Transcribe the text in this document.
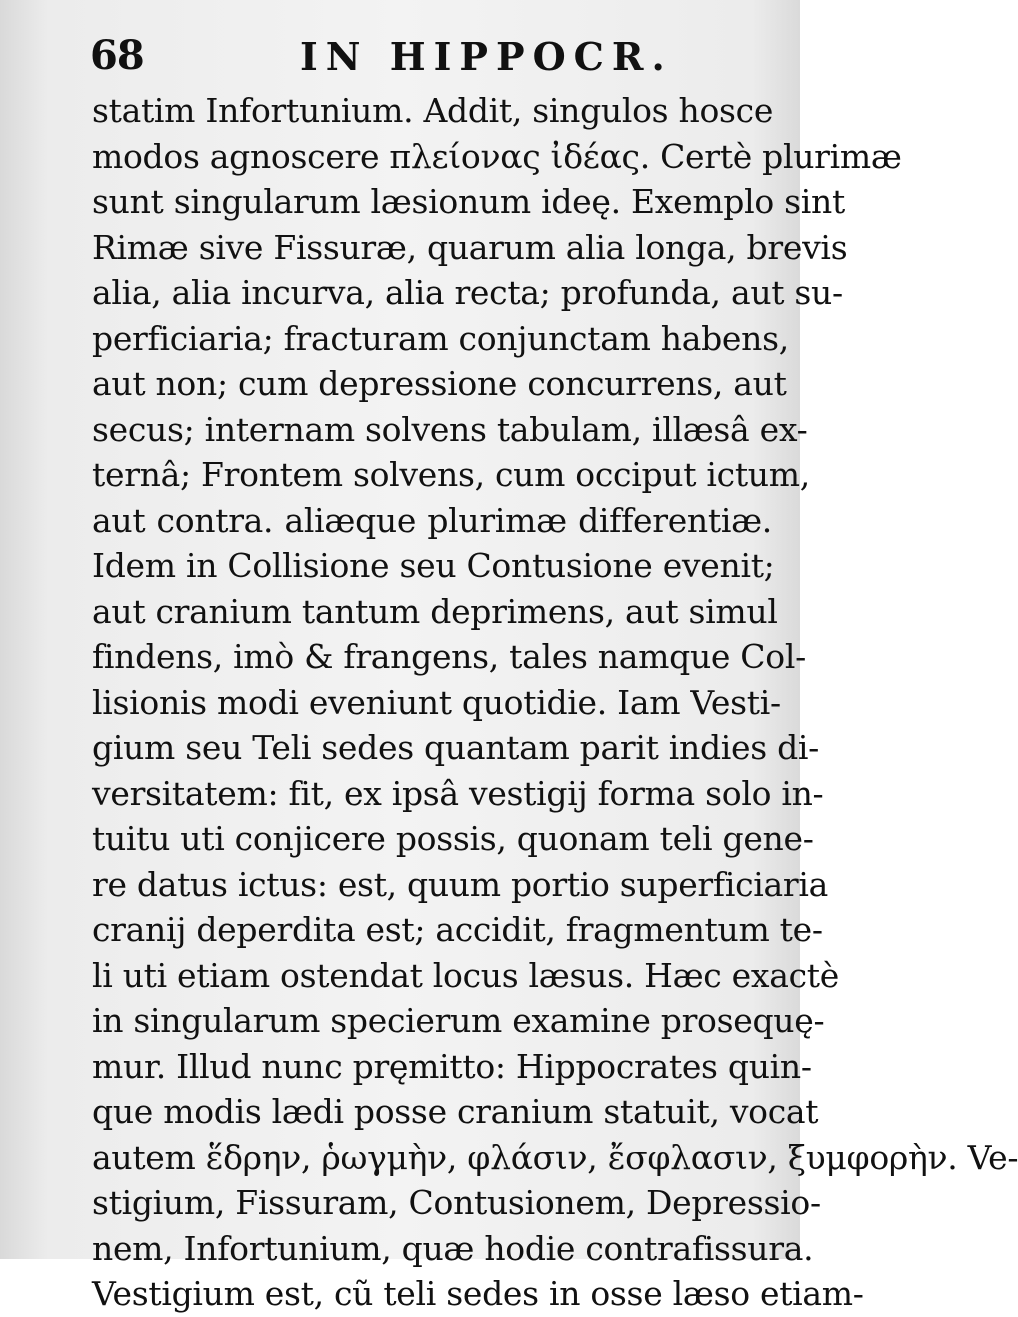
68	IN HIPPOCR.
statim Infortunium. Addit, singulos hosce
modos agnoscere πλείονας ἰδέας. Certè plurimæ
sunt singularum læsionum ideę. Exemplo sint
Rimæ sive Fissuræ, quarum alia longa, brevis
alia, alia incurva, alia recta; profunda, aut su-
perficiaria; fracturam conjunctam habens,
aut non; cum depressione concurrens, aut
secus; internam solvens tabulam, illæsâ ex-
ternâ; Frontem solvens, cum occiput ictum,
aut contra. aliæque plurimæ differentiæ.
Idem in Collisione seu Contusione evenit;
aut cranium tantum deprimens, aut simul
findens, imò & frangens, tales namque Col-
lisionis modi eveniunt quotidie. Iam Vesti-
gium seu Teli sedes quantam parit indies di-
versitatem: fit, ex ipsâ vestigij forma solo in-
tuitu uti conjicere possis, quonam teli gene-
re datus ictus: est, quum portio superficiaria
cranij deperdita est; accidit, fragmentum te-
li uti etiam ostendat locus læsus. Hæc exactè
in singularum specierum examine prosequę-
mur. Illud nunc pręmitto: Hippocrates quin-
que modis lædi posse cranium statuit, vocat
autem ἕδρην, ῥωγμὴν, φλάσιν, ἔσφλασιν, ξυμφορὴν. Ve-
stigium, Fissuram, Contusionem, Depressio-
nem, Infortunium, quæ hodie contrafissura.
Vestigium est, cũ teli sedes in osse læso etiam-
